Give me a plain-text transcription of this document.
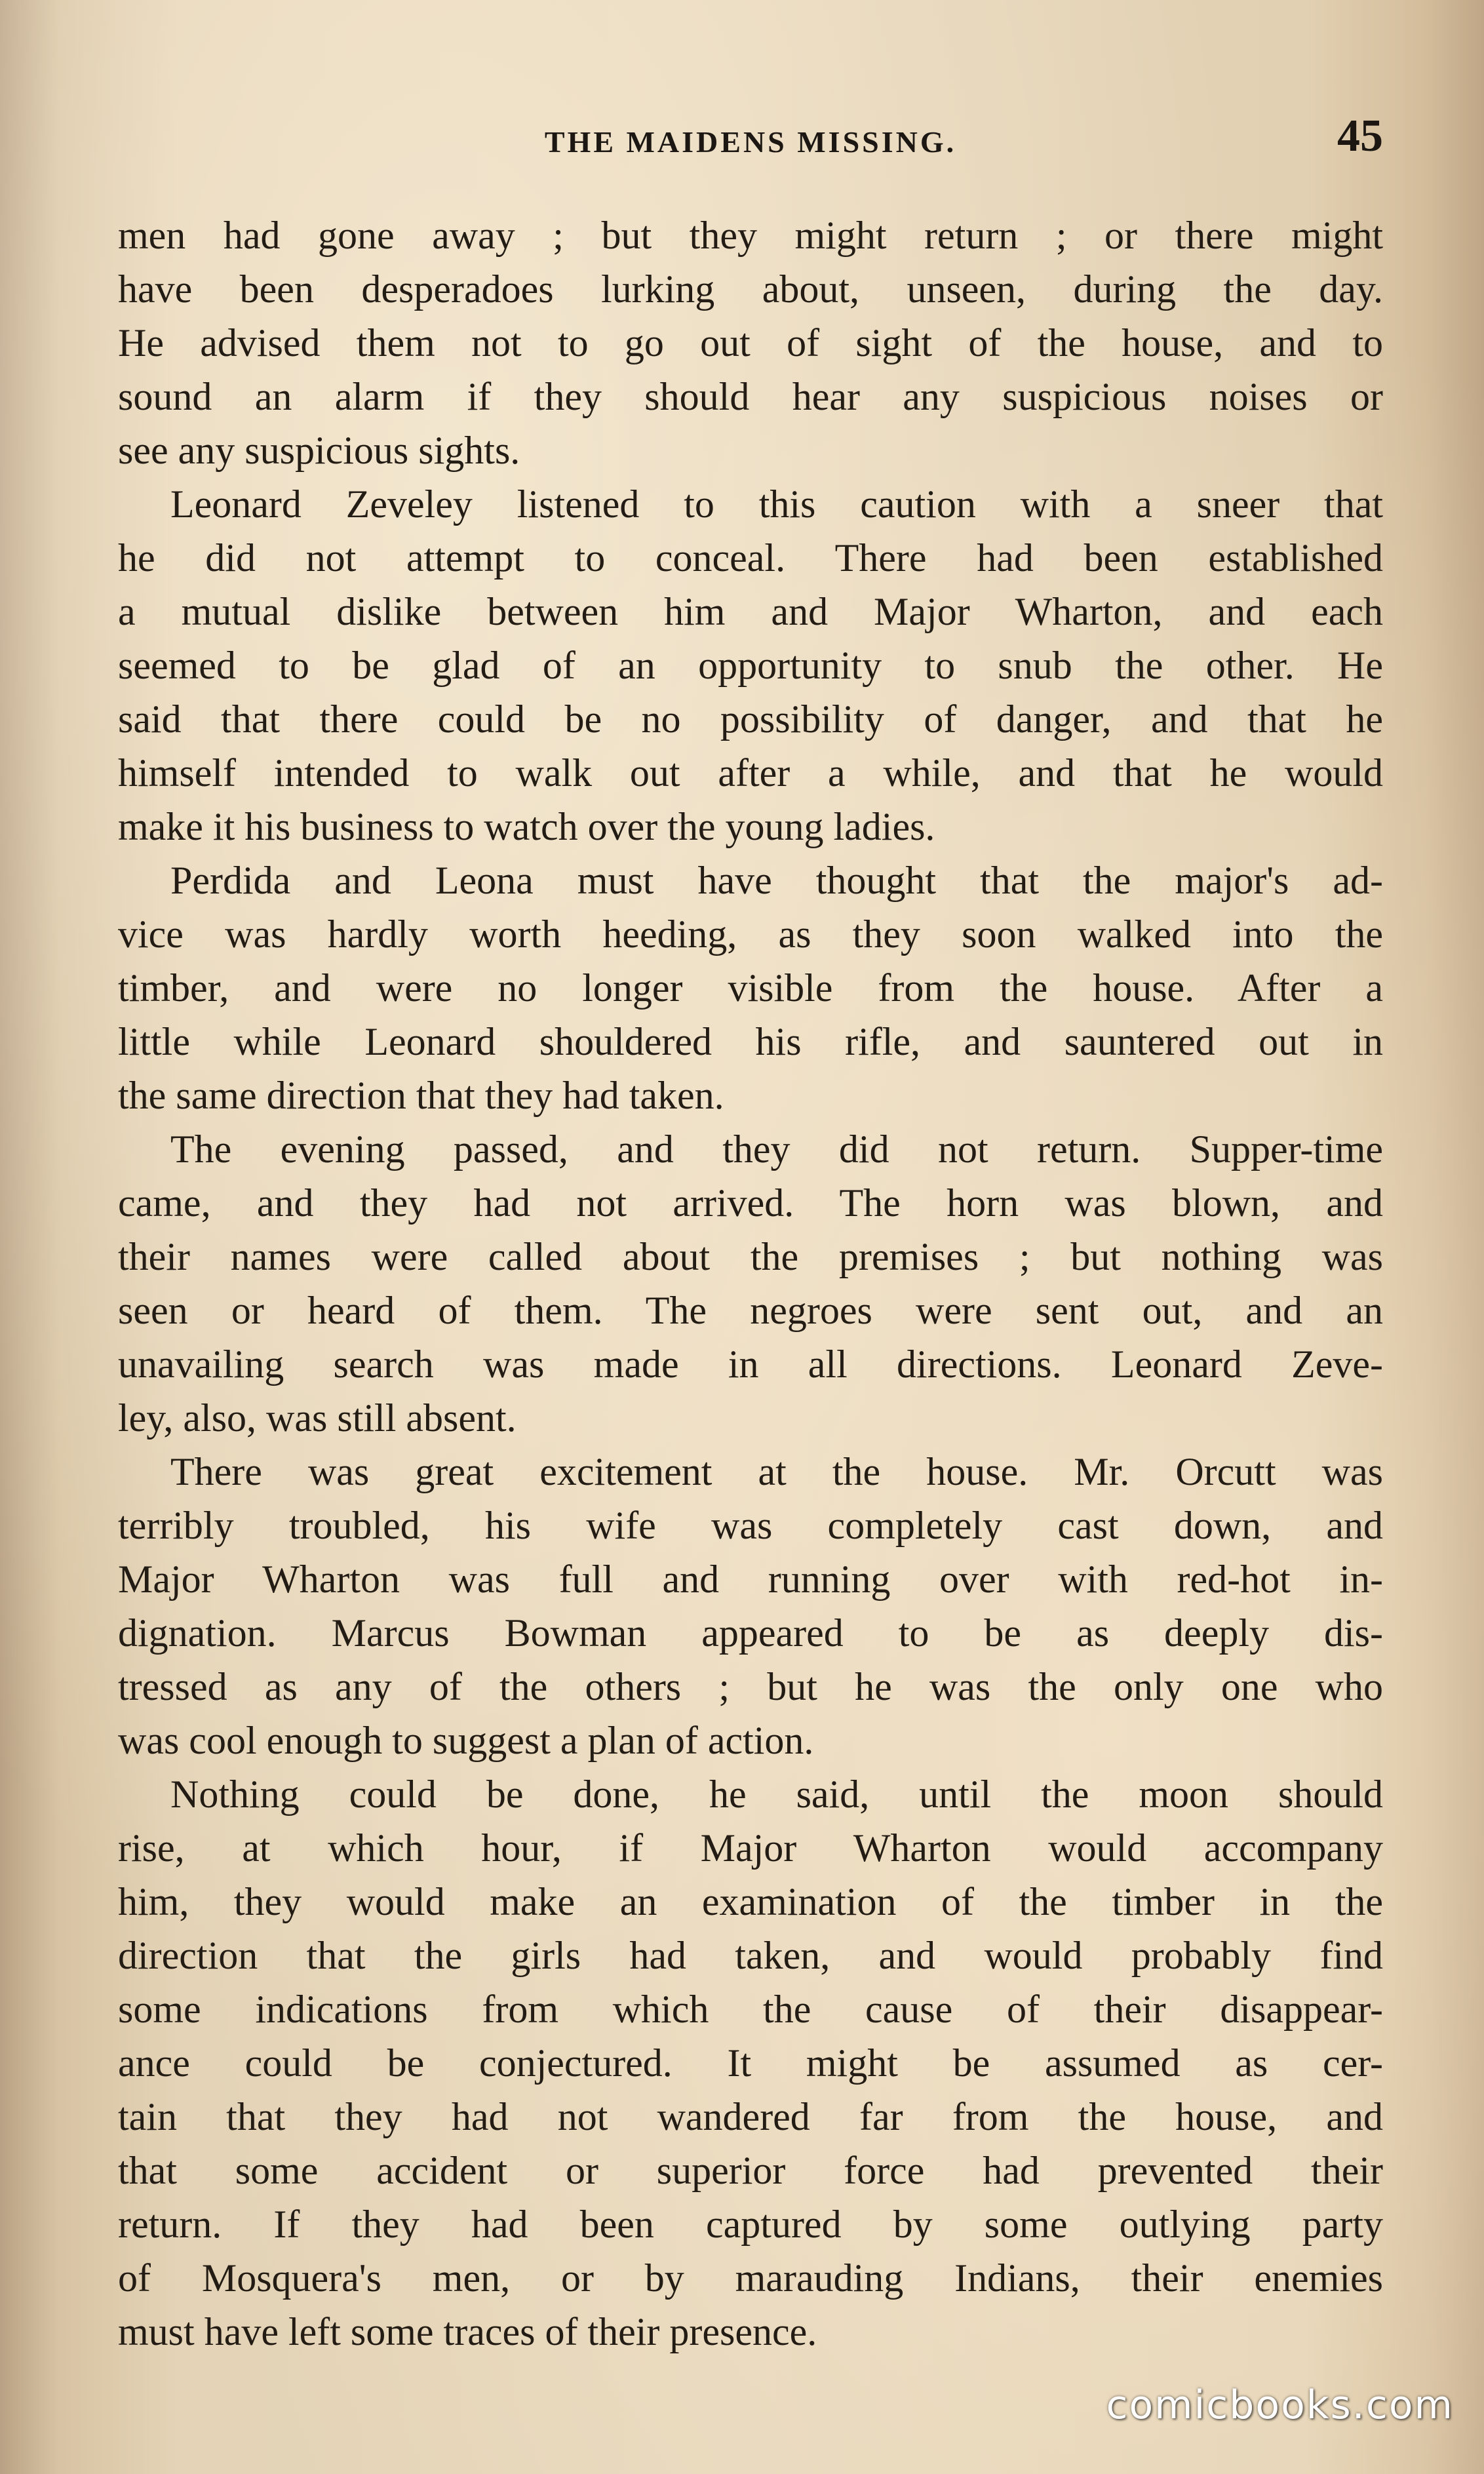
THE MAIDENS MISSING.	45
men had gone away ; but they might return ; or there might
have been desperadoes lurking about, unseen, during the day.
He advised them not to go out of sight of the house, and to
sound an alarm if they should hear any suspicious noises or
see any suspicious sights.
Leonard Zeveley listened to this caution with a sneer that
he did not attempt to conceal. There had been established
a mutual dislike between him and Major Wharton, and each
seemed to be glad of an opportunity to snub the other. He
said that there could be no possibility of danger, and that he
himself intended to walk out after a while, and that he would
make it his business to watch over the young ladies.
Perdida and Leona must have thought that the major's ad-
vice was hardly worth heeding, as they soon walked into the
timber, and were no longer visible from the house. After a
little while Leonard shouldered his rifle, and sauntered out in
the same direction that they had taken.
The evening passed, and they did not return. Supper-time
came, and they had not arrived. The horn was blown, and
their names were called about the premises ; but nothing was
seen or heard of them. The negroes were sent out, and an
unavailing search was made in all directions. Leonard Zeve-
ley, also, was still absent.
There was great excitement at the house. Mr. Orcutt was
terribly troubled, his wife was completely cast down, and
Major Wharton was full and running over with red-hot in-
dignation. Marcus Bowman appeared to be as deeply dis-
tressed as any of the others ; but he was the only one who
was cool enough to suggest a plan of action.
Nothing could be done, he said, until the moon should
rise, at which hour, if Major Wharton would accompany
him, they would make an examination of the timber in the
direction that the girls had taken, and would probably find
some indications from which the cause of their disappear-
ance could be conjectured. It might be assumed as cer-
tain that they had not wandered far from the house, and
that some accident or superior force had prevented their
return. If they had been captured by some outlying party
of Mosquera's men, or by marauding Indians, their enemies
must have left some traces of their presence.
comicbooks.com
